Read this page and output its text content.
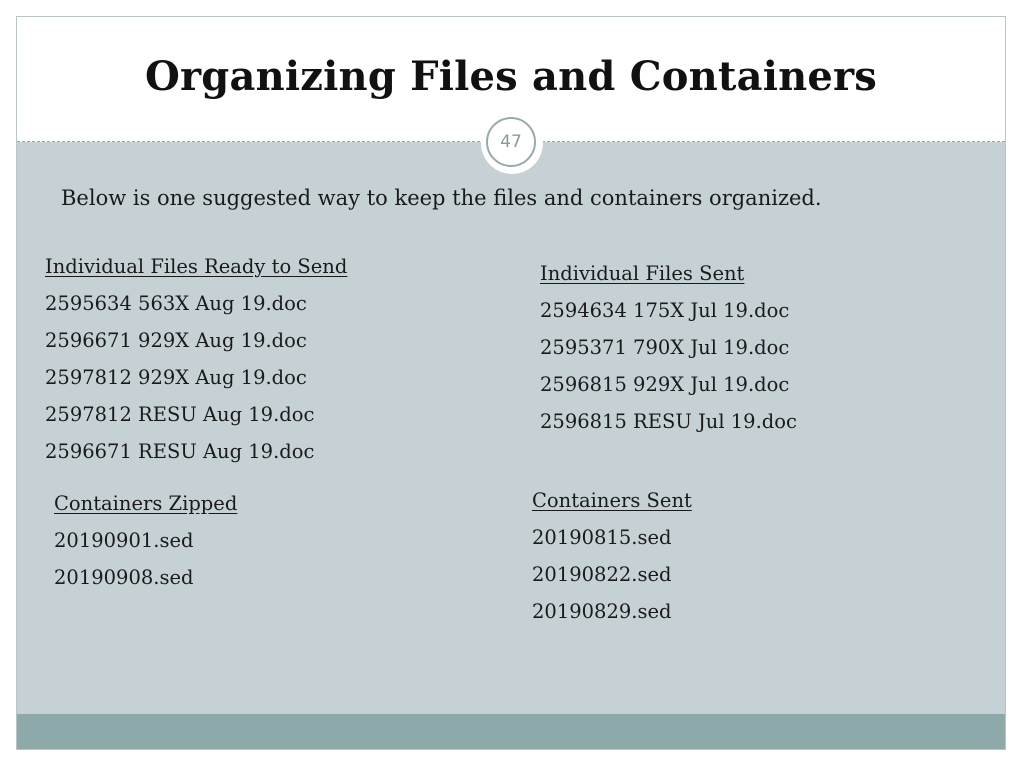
Organizing Files and Containers
47
Below is one suggested way to keep the files and containers organized.
Individual Files Ready to Send
2595634 563X Aug 19.doc
2596671 929X Aug 19.doc
2597812 929X Aug 19.doc
2597812 RESU Aug 19.doc
2596671 RESU Aug 19.doc
Individual Files Sent
2594634 175X Jul 19.doc
2595371 790X Jul 19.doc
2596815 929X Jul 19.doc
2596815 RESU Jul 19.doc
Containers Zipped
20190901.sed
20190908.sed
Containers Sent
20190815.sed
20190822.sed
20190829.sed
